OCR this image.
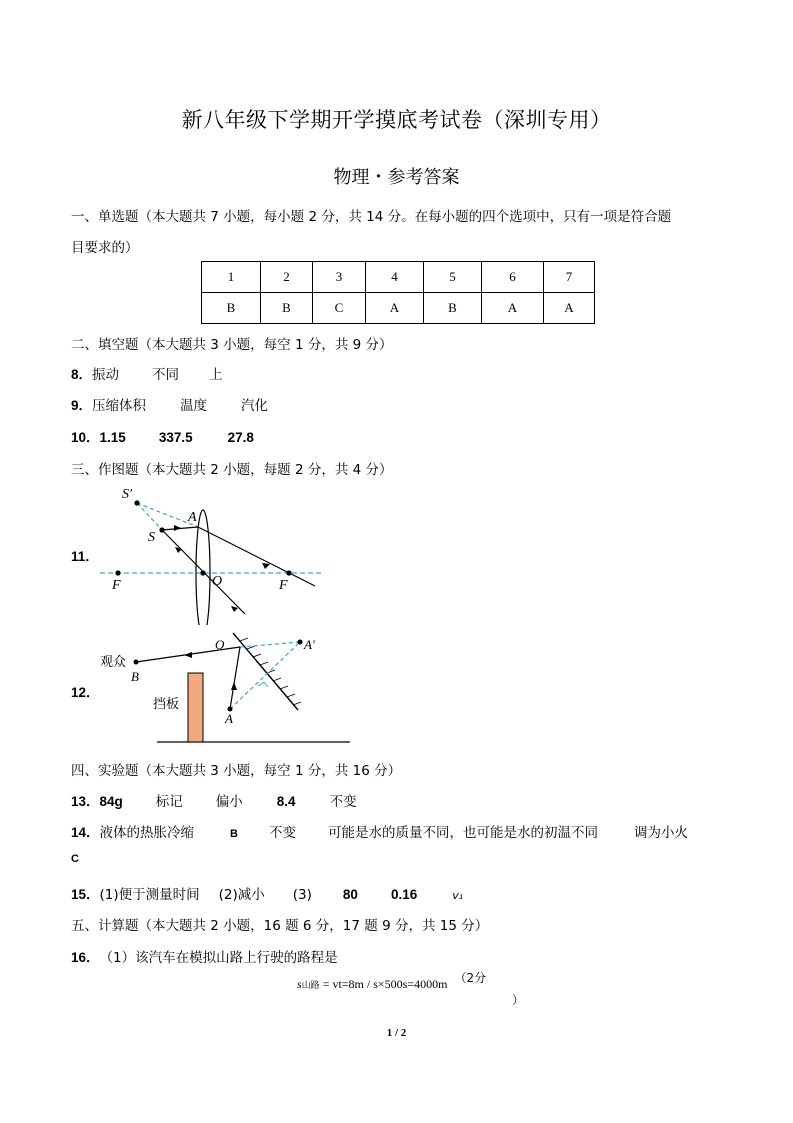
新八年级下学期开学摸底考试卷（深圳专用）
物理・参考答案
一、单选题（本大题共 7 小题，每小题 2 分，共 14 分。在每小题的四个选项中，只有一项是符合题
目要求的）
1	2	3	4	5	6	7
B	B	C	A	B	A	A
二、填空题（本大题共 3 小题，每空 1 分，共 9 分）
8．振动 不同 上
9．压缩体积	温度	汽化
10．1.15 337.5	27.8
三、作图题（本大题共 2 小题，每题 2 分，共 4 分）
11．
S′
A
S
F	O	F
12．
观众
B
O	A′
挡板
A
四、实验题（本大题共 3 小题，每空 1 分，共 16 分）
13．84g 标记 偏小	8.4	不变
14．液体的热胀冷缩	B 不变 可能是水的质量不同，也可能是水的初温不同	调为小火
C
15．(1)便于测量时间 (2)减小 (3) 80 0.16	v₁
五、计算题（本大题共 2 小题，16 题 6 分，17 题 9 分，共 15 分）
16．（1）该汽车在模拟山路上行驶的路程是
s山路 = vt=8m / s×500s=4000m （2分
）
1 / 2
